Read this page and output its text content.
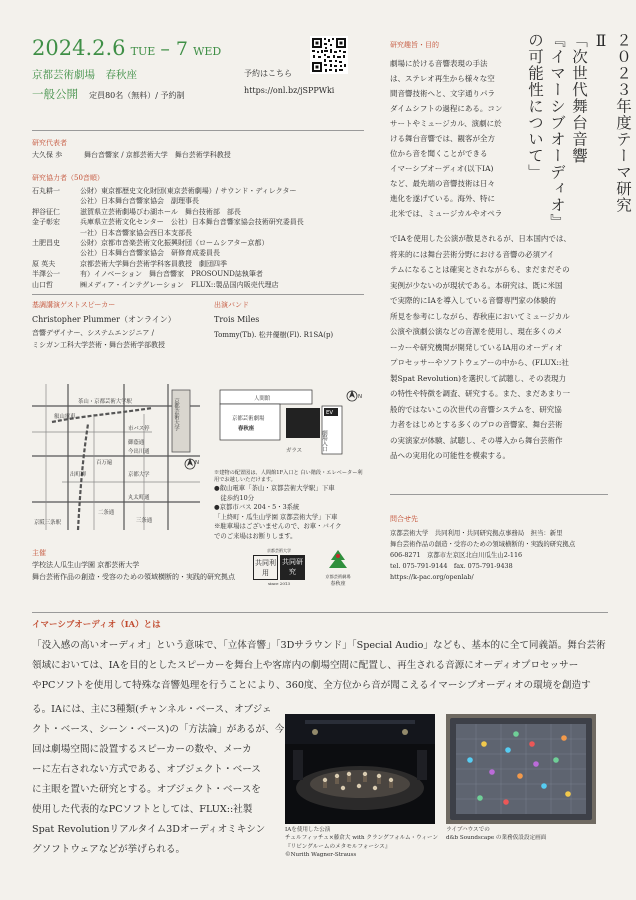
2024.2.6 TUE – 7 WED
京都芸術劇場　春秋座
一般公開 定員80名（無料）/ 予約制
予約はこちら
https://onl.bz/jSPPWki	２０２３年度テーマ研究Ⅱ
「次世代舞台音響
『イマーシブオーディオ』
の可能性について」
研究代表者
大久保 歩	舞台音響家 / 京都芸術大学　舞台芸術学科教授
研究協力者（50音順）
石丸耕一	公財）東京都歴史文化財団(東京芸術劇場）/ サウンド・ディレクター
公社）日本舞台音響家協会　副理事長
押谷征仁	滋賀県立芸術劇場びわ湖ホール　舞台技術部　部長
金子彰宏	兵庫県立芸術文化センター　公社）日本舞台音響家協会技術研究委員長
一社）日本音響家協会西日本支部長
土肥昌史	公財）京都市音楽芸術文化振興財団（ロームシアター京都）
公社）日本舞台音響家協会　研修育成委員長
原 英夫	京都芸術大学舞台芸術学科客員教授　劇団四季
半澤公一	有）イノベーション　舞台音響家　PROSOUND誌執筆者
山口哲	㈱メディア・インテグレーション　FLUX::製品国内販売代理店
基調講演ゲストスピーカー
Christopher Plummer（オンライン）
音響デザイナー、システムエンジニア /
ミシガン工科大学芸術・舞台芸術学部教授
出演バンド
Trois Miles
Tommy(Tb). 松井優樹(Fl). R1SA(p)
京都芸術大学
茶山・京都芸術大学駅
叡山電車
市バス停
御蔭通
今出川通
百万遍
丸太町通
出町柳	京都大学
三条通
二条通
京阪三条駅
N
人間館
京都芸術劇場
春秋座
EV
劇場入口
ガラス
N
※建物の配置図は、人間館1F入口と 白い階段・エレベーター利用でお越しいただけます。
●叡山電車「茶山・京都芸術大学駅」下車
　徒歩約10分
●京都市バス 204・5・3系統
「上終町・瓜生山学園 京都芸術大学」下車
※駐車場はございませんので、お車・バイク
でのご来場はお断りします。
主催
学校法人瓜生山学園 京都芸術大学
舞台芸術作品の創造・受容のための領域横断的・実践的研究拠点
京都芸術大学
共同利用
共同研究
since 2013
京都芸術劇場
春秋座
研究趣旨・目的
劇場に於ける音響表現の手法
は、ステレオ再生から様々な空
間音響技術へと、文字通りパラ
ダイムシフトの過程にある。コン
サートやミュージカル、演劇に於
ける舞台音響では、観客が全方
位から音を聞くことができる
イマーシブオーディオ(以下IA)
など、最先端の音響技術は日々
進化を遂げている。海外、特に
北米では、ミュージカルやオペラ
でIAを使用した公演が散見されるが、日本国内では、
将来的には舞台芸術分野における音響の必須アイ
テムになることは確実とされながらも、まだまだその
実例が少ないのが現状である。本研究は、既に米国
で実際的にIAを導入している音響専門家の体験的
所見を参考にしながら、春秋座においてミュージカル
公演や演劇公演などの音源を使用し、現在多くのメ
ーカーや研究機関が開発しているIA用のオーディオ
プロセッサーやソフトウェアーの中から、(FLUX::社
製Spat Revolution)を選択して試聴し、その表現力
の特性や特徴を調査、研究する。また、まだあまり一
般的ではないこの次世代の音響システムを、研究協
力者をはじめとする多くのプロの音響家、舞台芸術
の実演家が体験、試聴し、その導入から舞台芸術作
品への実用化の可能性を模索する。
問合せ先
京都芸術大学　共同利用・共同研究拠点事務局　担当：新里
舞台芸術作品の創造・受容のための領域横断的・実践的研究拠点
606-8271　京都市左京区北白川瓜生山2-116
tel. 075-791-9144　fax. 075-791-9438
https://k-pac.org/openlab/
イマーシブオーディオ（IA）とは
「没入感の高いオーディオ」という意味で、「立体音響」「3Dサラウンド」「Special Audio」なども、基本的に全て同義語。舞台芸術
領域においては、IAを目的としたスピーカーを舞台上や客席内の劇場空間に配置し、再生される音源にオーディオプロセッサー
やPCソフトを使用して特殊な音響処理を行うことにより、360度、全方位から音が聞こえるイマーシブオーディオの環境を創造す
る。IAには、主に3種類(チャンネル・ベース、オブジェ
クト・ベース、シーン・ベース)の「方法論」があるが、今
回は劇場空間に設置するスピーカーの数や、メーカ
ーに左右されない方式である、オブジェクト・ベース
に主眼を置いた研究とする。オブジェクト・ベースを
使用した代表的なPCソフトとしては、FLUX::社製
Spat Revolutionリアルタイム3Dオーディオミキシン
グソフトウェアなどが挙げられる。
IAを使用した公演
チェルフィッチュ×藤倉大 with クラングフォルム・ウィーン
『リビングルームのメタモルフォーシス』
©Nurith Wagner-Strauss
ライブハウスでの
d&b Soundscape の業務仮設設定画面
